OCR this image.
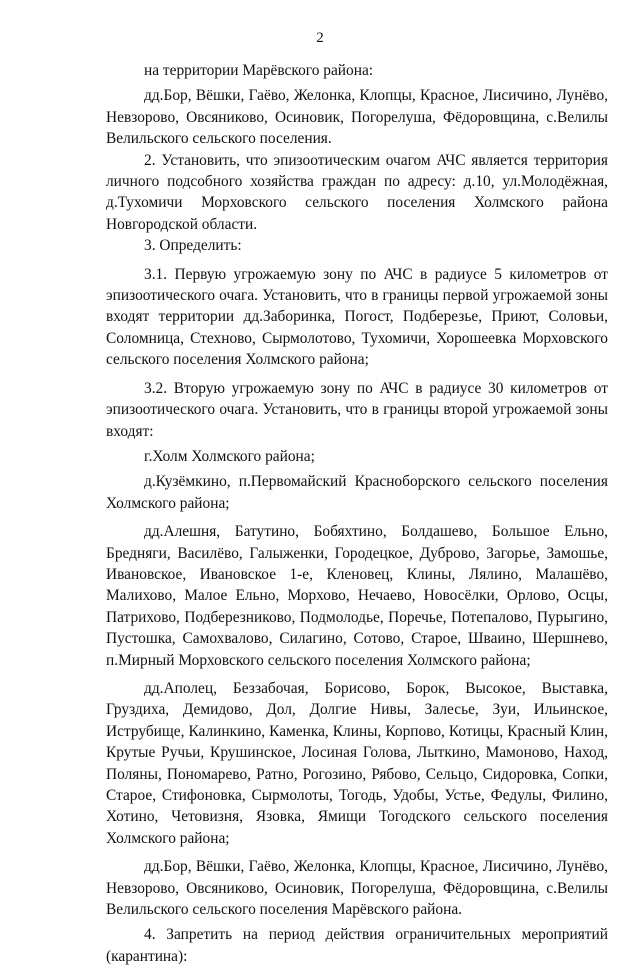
2

на территории Марёвского района:

дд.Бор, Вёшки, Гаёво, Желонка, Клопцы, Красное, Лисичино, Лунёво, Невзорово, Овсяниково, Осиновик, Погорелуша, Фёдоровщина, с.Велилы Велильского сельского поселения.

2. Установить, что эпизоотическим очагом АЧС является территория личного подсобного хозяйства граждан по адресу: д.10, ул.Молодёжная, д.Тухомичи Морховского сельского поселения Холмского района Новгородской области.

3. Определить:

3.1. Первую угрожаемую зону по АЧС в радиусе 5 километров от эпизоотического очага. Установить, что в границы первой угрожаемой зоны входят территории дд.Заборинка, Погост, Подберезье, Приют, Соловьи, Соломница, Стехново, Сырмолотово, Тухомичи, Хорошеевка Морховского сельского поселения Холмского района;

3.2. Вторую угрожаемую зону по АЧС в радиусе 30 километров от эпизоотического очага. Установить, что в границы второй угрожаемой зоны входят:

г.Холм Холмского района;

д.Кузёмкино, п.Первомайский Красноборского сельского поселения Холмского района;

дд.Алешня, Батутино, Бобяхтино, Болдашево, Большое Ельно, Бредняги, Василёво, Галыженки, Городецкое, Дуброво, Загорье, Замошье, Ивановское, Ивановское 1-е, Кленовец, Клины, Лялино, Малашёво, Малихово, Малое Ельно, Морхово, Нечаево, Новосёлки, Орлово, Осцы, Патрихово, Подберезниково, Подмолодье, Поречье, Потепалово, Пурыгино, Пустошка, Самохвалово, Силагино, Сотово, Старое, Шваино, Шершнево, п.Мирный Морховского сельского поселения Холмского района;

дд.Аполец, Беззабочая, Борисово, Борок, Высокое, Выставка, Груздиха, Демидово, Дол, Долгие Нивы, Залесье, Зуи, Ильинское, Иструбище, Калинкино, Каменка, Клины, Корпово, Котицы, Красный Клин, Крутые Ручьи, Крушинское, Лосиная Голова, Лыткино, Мамоново, Наход, Поляны, Пономарево, Ратно, Рогозино, Рябово, Сельцо, Сидоровка, Сопки, Старое, Стифоновка, Сырмолоты, Тогодь, Удобы, Устье, Федулы, Филино, Хотино, Четовизня, Язовка, Ямищи Тогодского сельского поселения Холмского района;

дд.Бор, Вёшки, Гаёво, Желонка, Клопцы, Красное, Лисичино, Лунёво, Невзорово, Овсяниково, Осиновик, Погорелуша, Фёдоровщина, с.Велилы Велильского сельского поселения Марёвского района.

4. Запретить на период действия ограничительных мероприятий (карантина):
